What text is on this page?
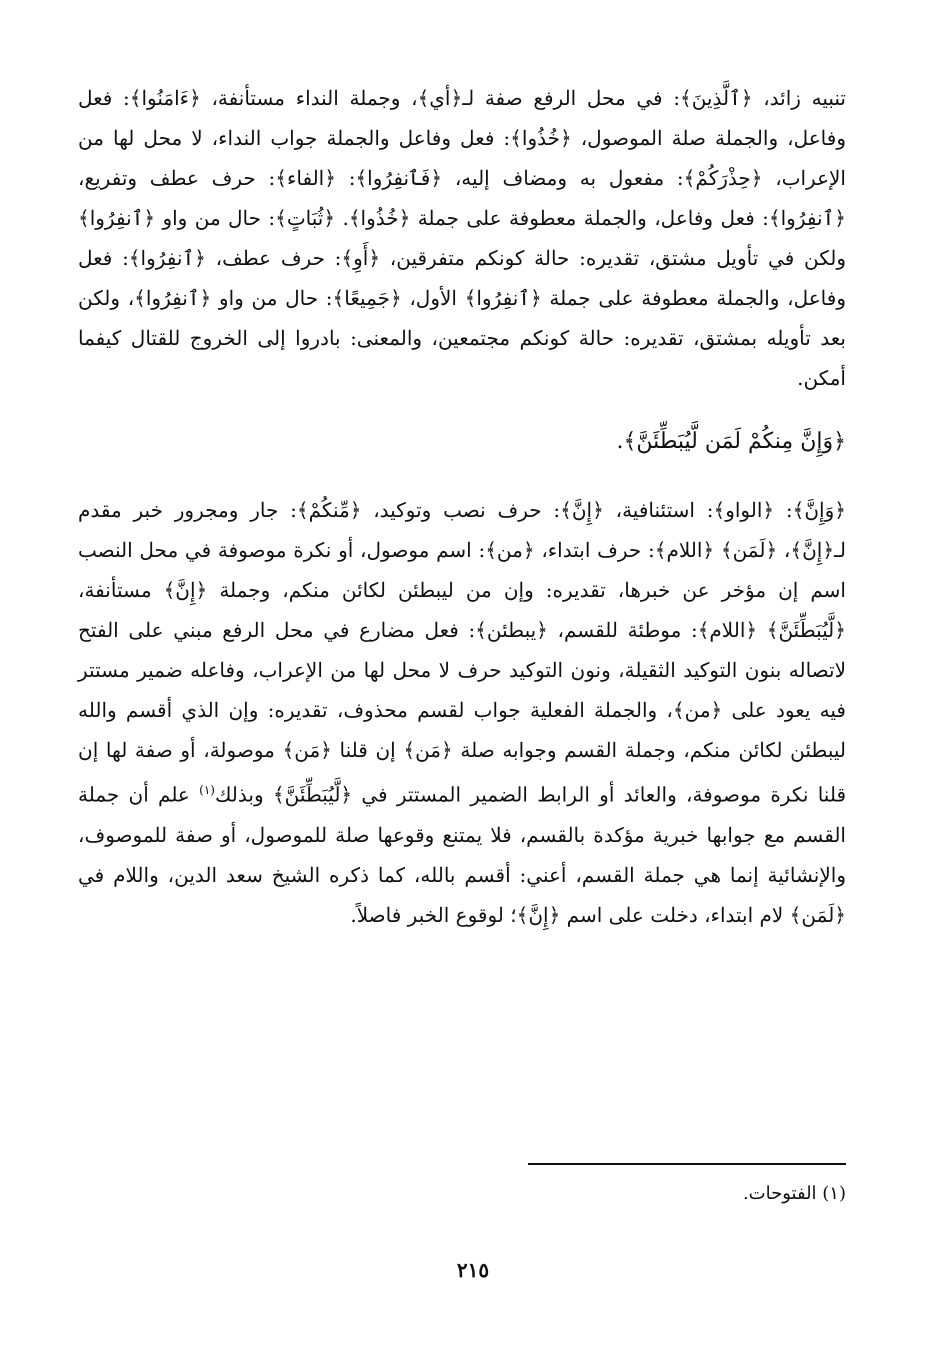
تنبيه زائد، ﴿ٱلَّذِينَ﴾: في محل الرفع صفة لـ﴿أي﴾، وجملة النداء مستأنفة، ﴿ءَامَنُوا﴾: فعل وفاعل، والجملة صلة الموصول، ﴿خُذُوا﴾: فعل وفاعل والجملة جواب النداء، لا محل لها من الإعراب، ﴿حِذْرَكُمْ﴾: مفعول به ومضاف إليه، ﴿فَٱنفِرُوا﴾: ﴿الفاء﴾: حرف عطف وتفريع، ﴿ٱنفِرُوا﴾: فعل وفاعل، والجملة معطوفة على جملة ﴿خُذُوا﴾. ﴿ثُبَاتٍ﴾: حال من واو ﴿ٱنفِرُوا﴾ ولكن في تأويل مشتق، تقديره: حالة كونكم متفرقين، ﴿أَوِ﴾: حرف عطف، ﴿ٱنفِرُوا﴾: فعل وفاعل، والجملة معطوفة على جملة ﴿ٱنفِرُوا﴾ الأول، ﴿جَمِيعًا﴾: حال من واو ﴿ٱنفِرُوا﴾، ولكن بعد تأويله بمشتق، تقديره: حالة كونكم مجتمعين، والمعنى: بادروا إلى الخروج للقتال كيفما أمكن.

﴿وَإِنَّ مِنكُمْ لَمَن لَّيُبَطِّئَنَّ﴾.

﴿وَإِنَّ﴾: ﴿الواو﴾: استئنافية، ﴿إِنَّ﴾: حرف نصب وتوكيد، ﴿مِّنكُمْ﴾: جار ومجرور خبر مقدم لـ﴿إِنَّ﴾، ﴿لَمَن﴾ ﴿اللام﴾: حرف ابتداء، ﴿من﴾: اسم موصول، أو نكرة موصوفة في محل النصب اسم إن مؤخر عن خبرها، تقديره: وإن من ليبطئن لكائن منكم، وجملة ﴿إِنَّ﴾ مستأنفة، ﴿لَّيُبَطِّئَنَّ﴾ ﴿اللام﴾: موطئة للقسم، ﴿يبطئن﴾: فعل مضارع في محل الرفع مبني على الفتح لاتصاله بنون التوكيد الثقيلة، ونون التوكيد حرف لا محل لها من الإعراب، وفاعله ضمير مستتر فيه يعود على ﴿من﴾، والجملة الفعلية جواب لقسم محذوف، تقديره: وإن الذي أقسم والله ليبطئن لكائن منكم، وجملة القسم وجوابه صلة ﴿مَن﴾ إن قلنا ﴿مَن﴾ موصولة، أو صفة لها إن قلنا نكرة موصوفة، والعائد أو الرابط الضمير المستتر في ﴿لَّيُبَطِّئَنَّ﴾ وبذلك$^{(١)}$ علم أن جملة القسم مع جوابها خبرية مؤكدة بالقسم، فلا يمتنع وقوعها صلة للموصول، أو صفة للموصوف، والإنشائية إنما هي جملة القسم، أعني: أقسم بالله، كما ذكره الشيخ سعد الدين، واللام في ﴿لَمَن﴾ لام ابتداء، دخلت على اسم ﴿إِنَّ﴾؛ لوقوع الخبر فاصلاً.

(١) الفتوحات.
٢١٥
